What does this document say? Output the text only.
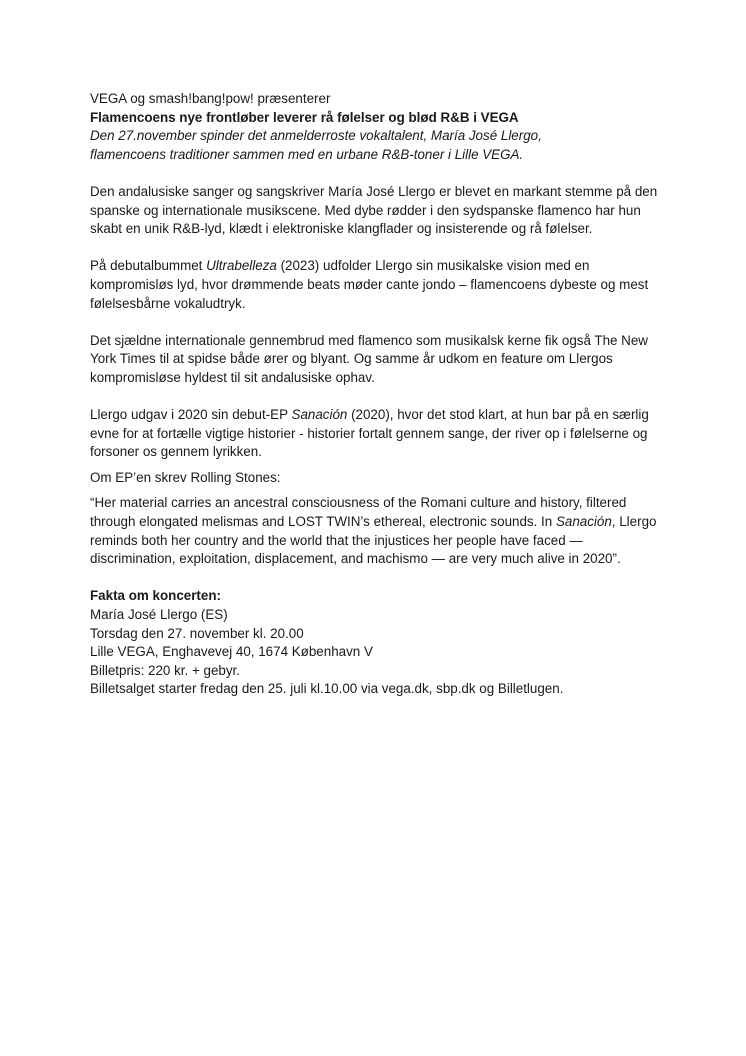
VEGA og smash!bang!pow! præsenterer

Flamencoens nye frontløber leverer rå følelser og blød R&B i VEGA

Den 27.november spinder det anmelderroste vokaltalent, María José Llergo,

flamencoens traditioner sammen med en urbane R&B-toner i Lille VEGA.

Den andalusiske sanger og sangskriver María José Llergo er blevet en markant stemme på den spanske og internationale musikscene. Med dybe rødder i den sydspanske flamenco har hun skabt en unik R&B-lyd, klædt i elektroniske klangflader og insisterende og rå følelser.

På debutalbummet Ultrabelleza (2023) udfolder Llergo sin musikalske vision med en kompromisløs lyd, hvor drømmende beats møder cante jondo – flamencoens dybeste og mest følelsesbårne vokaludtryk.

Det sjældne internationale gennembrud med flamenco som musikalsk kerne fik også The New York Times til at spidse både ører og blyant. Og samme år udkom en feature om Llergos kompromisløse hyldest til sit andalusiske ophav.

Llergo udgav i 2020 sin debut-EP Sanación (2020), hvor det stod klart, at hun bar på en særlig evne for at fortælle vigtige historier - historier fortalt gennem sange, der river op i følelserne og forsoner os gennem lyrikken.

Om EP’en skrev Rolling Stones:

“Her material carries an ancestral consciousness of the Romani culture and history, filtered through elongated melismas and LOST TWIN’s ethereal, electronic sounds. In Sanación, Llergo reminds both her country and the world that the injustices her people have faced — discrimination, exploitation, displacement, and machismo — are very much alive in 2020”.

Fakta om koncerten:

María José Llergo (ES)

Torsdag den 27. november kl. 20.00

Lille VEGA, Enghavevej 40, 1674 København V

Billetpris: 220 kr. + gebyr.

Billetsalget starter fredag den 25. juli kl.10.00 via vega.dk, sbp.dk og Billetlugen.
